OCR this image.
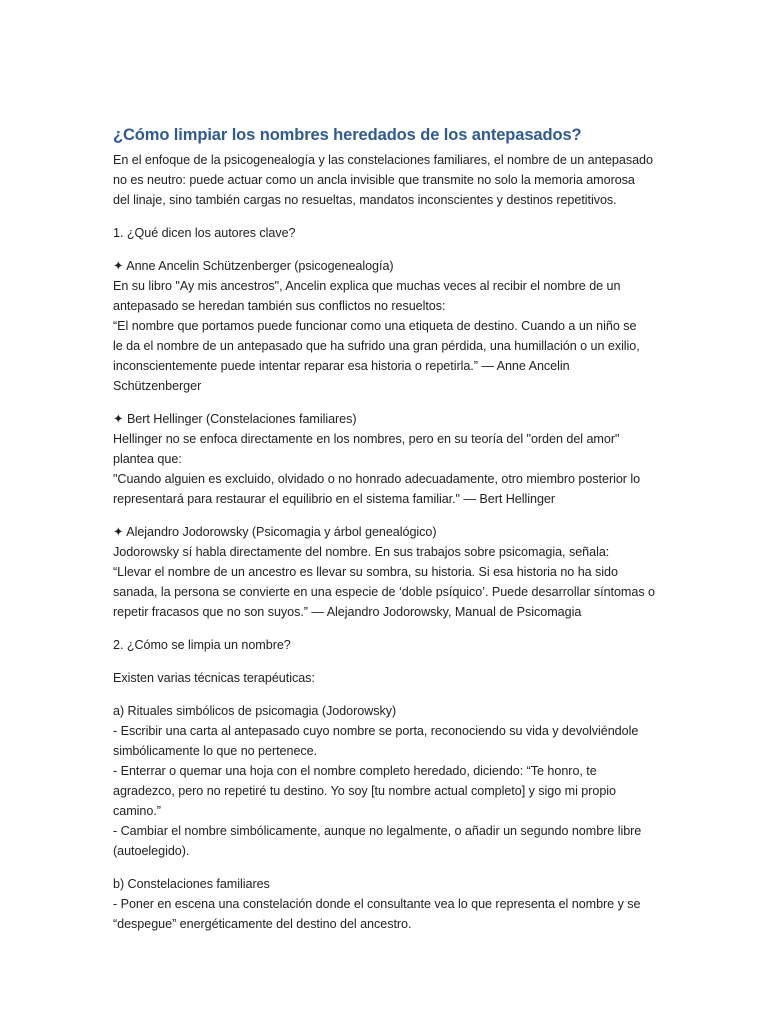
¿Cómo limpiar los nombres heredados de los antepasados?

En el enfoque de la psicogenealogía y las constelaciones familiares, el nombre de un antepasado
no es neutro: puede actuar como un ancla invisible que transmite no solo la memoria amorosa
del linaje, sino también cargas no resueltas, mandatos inconscientes y destinos repetitivos.

1. ¿Qué dicen los autores clave?

✦ Anne Ancelin Schützenberger (psicogenealogía)
En su libro "Ay mis ancestros", Ancelin explica que muchas veces al recibir el nombre de un
antepasado se heredan también sus conflictos no resueltos:
“El nombre que portamos puede funcionar como una etiqueta de destino. Cuando a un niño se
le da el nombre de un antepasado que ha sufrido una gran pérdida, una humillación o un exilio,
inconscientemente puede intentar reparar esa historia o repetirla.” — Anne Ancelin
Schützenberger

✦ Bert Hellinger (Constelaciones familiares)
Hellinger no se enfoca directamente en los nombres, pero en su teoría del "orden del amor"
plantea que:
"Cuando alguien es excluido, olvidado o no honrado adecuadamente, otro miembro posterior lo
representará para restaurar el equilibrio en el sistema familiar." — Bert Hellinger

✦ Alejandro Jodorowsky (Psicomagia y árbol genealógico)
Jodorowsky sí habla directamente del nombre. En sus trabajos sobre psicomagia, señala:
“Llevar el nombre de un ancestro es llevar su sombra, su historia. Si esa historia no ha sido
sanada, la persona se convierte en una especie de ‘doble psíquico’. Puede desarrollar síntomas o
repetir fracasos que no son suyos.” — Alejandro Jodorowsky, Manual de Psicomagia

2. ¿Cómo se limpia un nombre?

Existen varias técnicas terapéuticas:

a) Rituales simbólicos de psicomagia (Jodorowsky)
- Escribir una carta al antepasado cuyo nombre se porta, reconociendo su vida y devolviéndole
simbólicamente lo que no pertenece.
- Enterrar o quemar una hoja con el nombre completo heredado, diciendo: “Te honro, te
agradezco, pero no repetiré tu destino. Yo soy [tu nombre actual completo] y sigo mi propio
camino.”
- Cambiar el nombre simbólicamente, aunque no legalmente, o añadir un segundo nombre libre
(autoelegido).

b) Constelaciones familiares
- Poner en escena una constelación donde el consultante vea lo que representa el nombre y se
“despegue” energéticamente del destino del ancestro.
